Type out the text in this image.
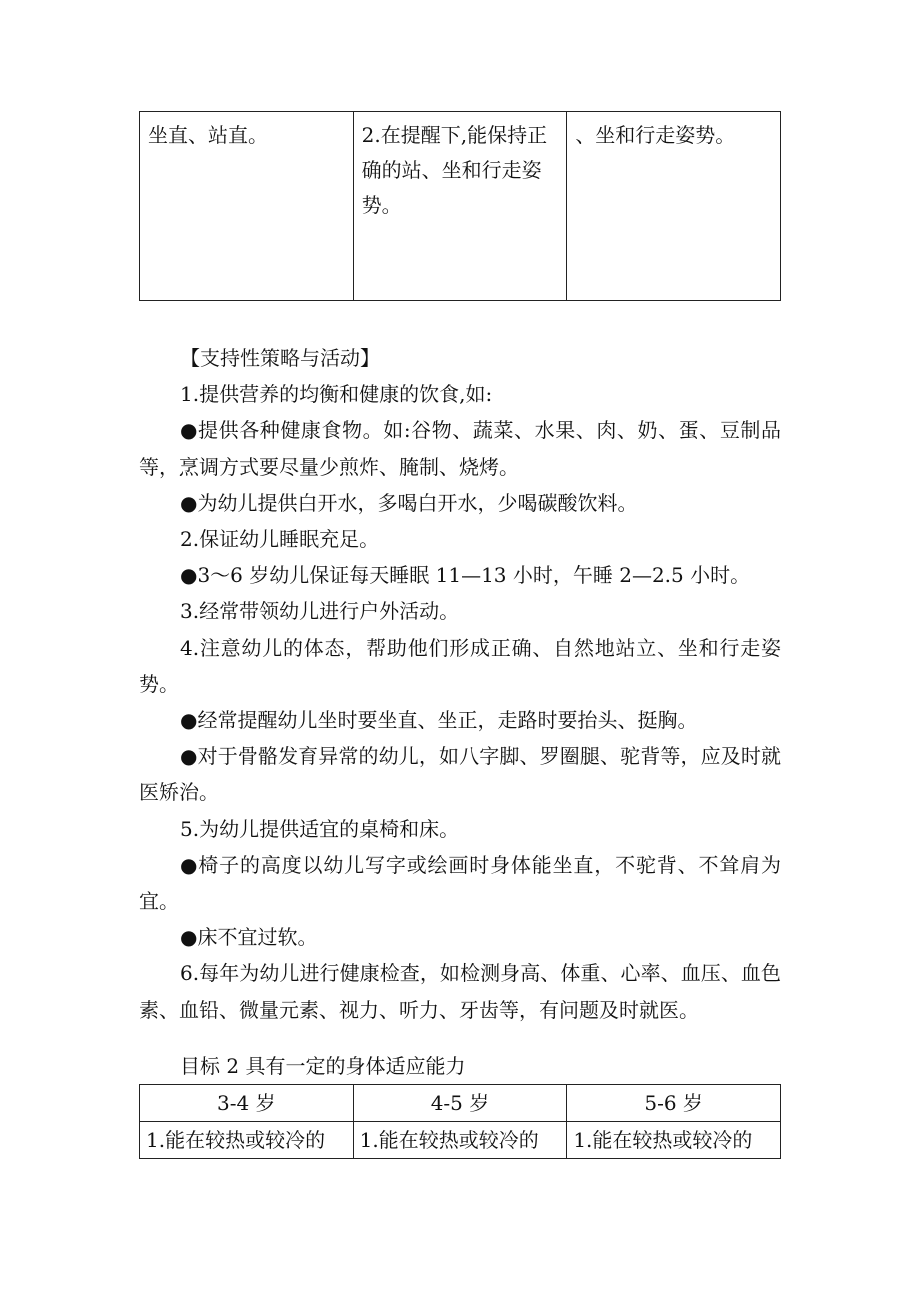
坐直、站直。	2.在提醒下,能保持正确的站、坐和行走姿势。	、坐和行走姿势。

【支持性策略与活动】

1.提供营养的均衡和健康的饮食,如:

●提供各种健康食物。如:谷物、蔬菜、水果、肉、奶、蛋、豆制品等，烹调方式要尽量少煎炸、腌制、烧烤。

●为幼儿提供白开水，多喝白开水，少喝碳酸饮料。

2.保证幼儿睡眠充足。

●3～6 岁幼儿保证每天睡眠 11—13 小时，午睡 2—2.5 小时。

3.经常带领幼儿进行户外活动。

4.注意幼儿的体态，帮助他们形成正确、自然地站立、坐和行走姿势。

●经常提醒幼儿坐时要坐直、坐正，走路时要抬头、挺胸。

●对于骨骼发育异常的幼儿，如八字脚、罗圈腿、驼背等，应及时就医矫治。

5.为幼儿提供适宜的桌椅和床。

●椅子的高度以幼儿写字或绘画时身体能坐直，不驼背、不耸肩为宜。

●床不宜过软。

6.每年为幼儿进行健康检查，如检测身高、体重、心率、血压、血色素、血铅、微量元素、视力、听力、牙齿等，有问题及时就医。

目标 2 具有一定的身体适应能力

3-4 岁	4-5 岁	5-6 岁
1.能在较热或较冷的	1.能在较热或较冷的	1.能在较热或较冷的
